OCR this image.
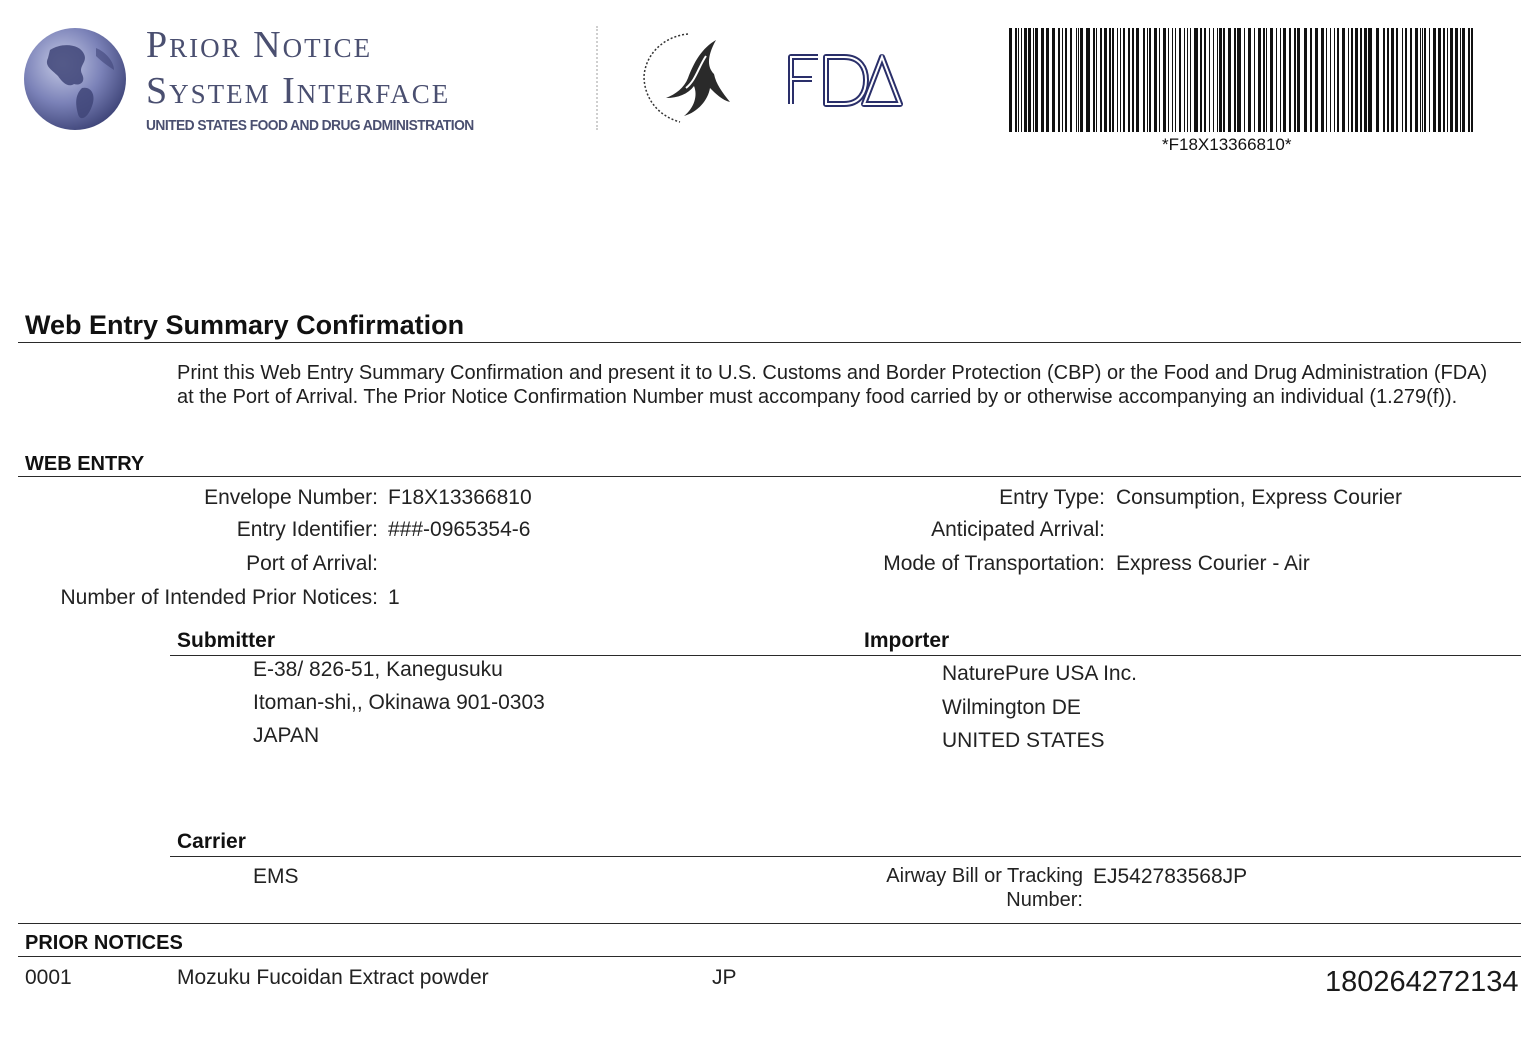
Prior Notice
System Interface
UNITED STATES FOOD AND DRUG ADMINISTRATION
*F18X13366810*
Web Entry Summary Confirmation
Print this Web Entry Summary Confirmation and present it to U.S. Customs and Border Protection (CBP) or the Food and Drug Administration (FDA) at the Port of Arrival. The Prior Notice Confirmation Number must accompany food carried by or otherwise accompanying an individual (1.279(f)).
WEB ENTRY
Envelope Number: F18X13366810
Entry Identifier: ###-0965354-6
Port of Arrival:
Number of Intended Prior Notices: 1
Entry Type: Consumption, Express Courier
Anticipated Arrival:
Mode of Transportation: Express Courier - Air
Submitter	Importer
E-38/ 826-51, Kanegusuku
Itoman-shi,, Okinawa 901-0303
JAPAN
NaturePure USA Inc.
Wilmington DE
UNITED STATES
Carrier
EMS	Airway Bill or Tracking
Number:
EJ542783568JP
PRIOR NOTICES
0001	Mozuku Fucoidan Extract powder	JP	180264272134
